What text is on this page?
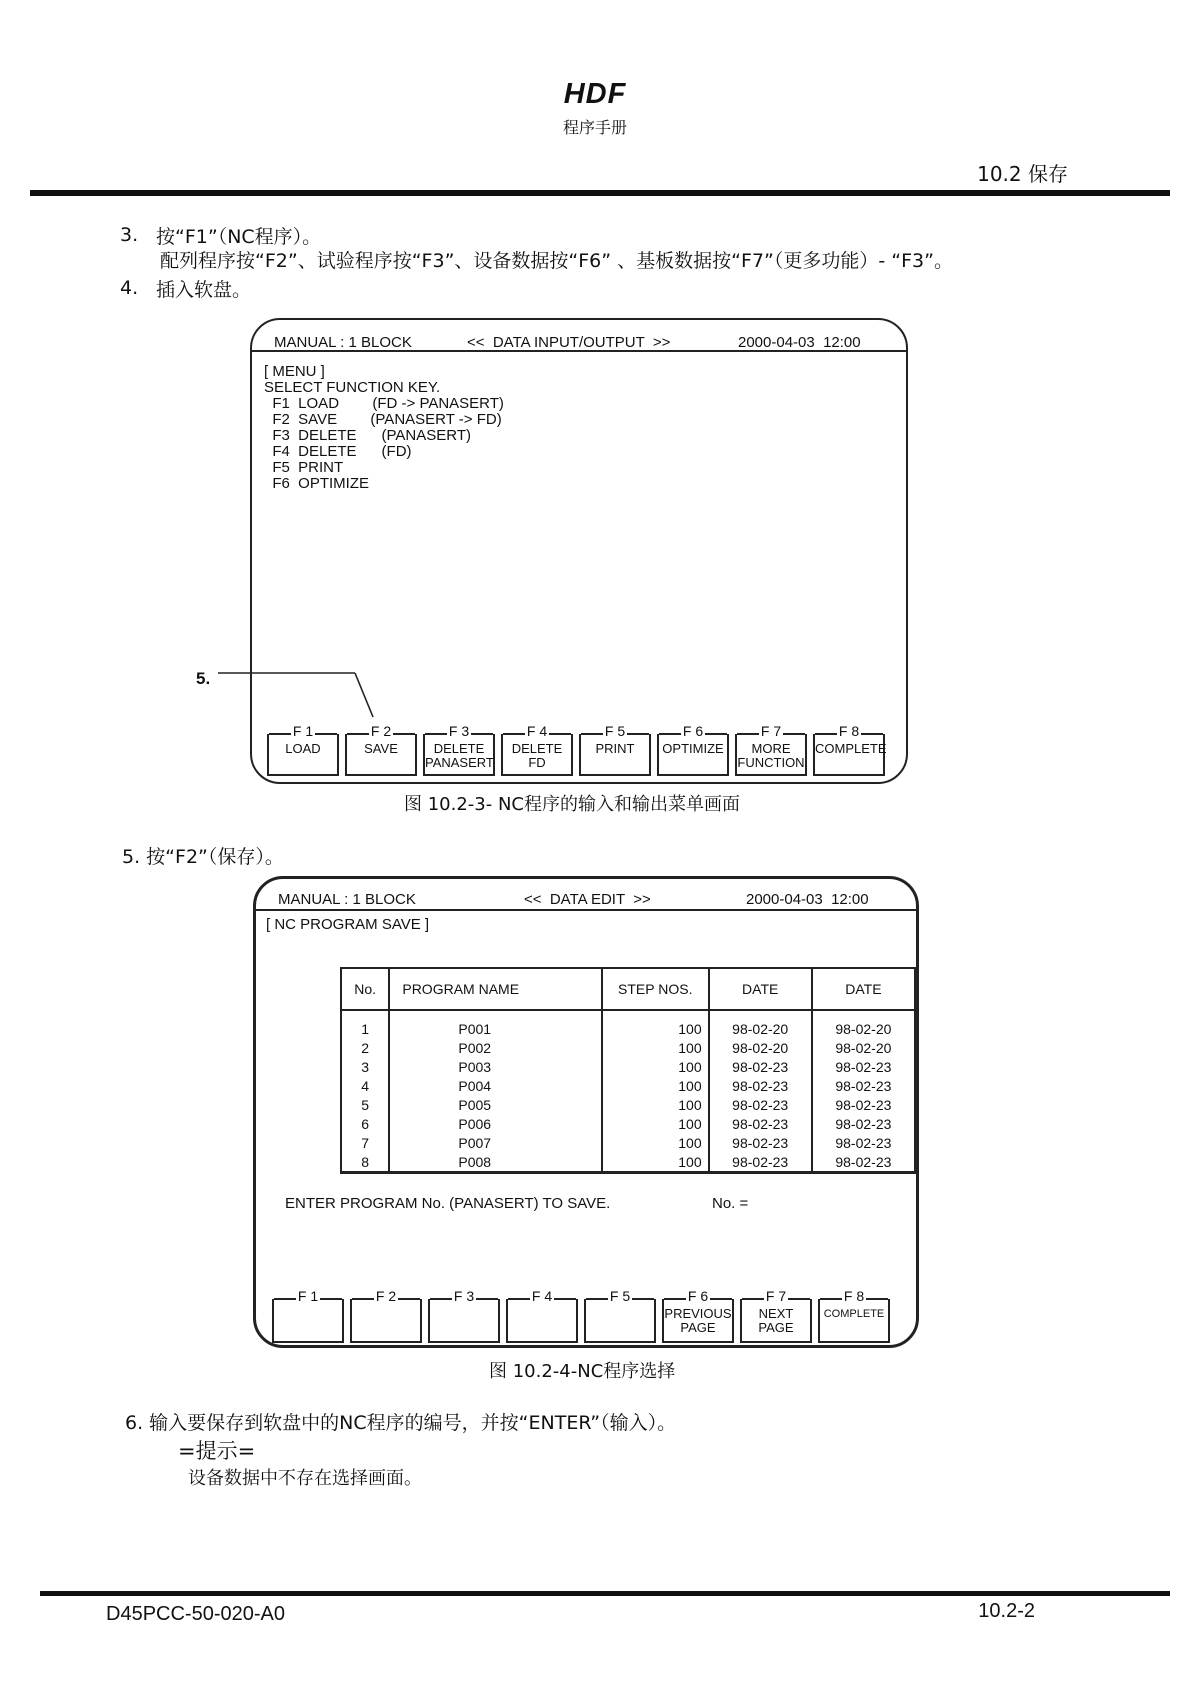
HDF
程序手册
10.2 保存
3. 按“F1”（NC程序）。
配列程序按“F2”、试验程序按“F3”、设备数据按“F6” 、基板数据按“F7”（更多功能）- “F3”。
4. 插入软盘。
MANUAL : 1 BLOCK	<<  DATA INPUT/OUTPUT  >>	2000-04-03  12:00
[ MENU ]
SELECT FUNCTION KEY.
F1  LOAD        (FD -> PANASERT)
F2  SAVE        (PANASERT -> FD)
F3  DELETE      (PANASERT)
F4  DELETE      (FD)
F5  PRINT
F6  OPTIMIZE
F 1
LOAD
F 2
SAVE
F 3
DELETE
PANASERT
F 4
DELETE
FD
F 5
PRINT
F 6
OPTIMIZE
F 7
MORE
FUNCTION
F 8
COMPLETE
5.
图 10.2-3- NC程序的输入和输出菜单画面
5. 按“F2”（保存）。
MANUAL : 1 BLOCK	<<  DATA EDIT  >>	2000-04-03  12:00
[ NC PROGRAM SAVE ]
No.	PROGRAM NAME	STEP NOS.	DATE	DATE
1	P001	100	98-02-20	98-02-20
2	P002	100	98-02-20	98-02-20
3	P003	100	98-02-23	98-02-23
4	P004	100	98-02-23	98-02-23
5	P005	100	98-02-23	98-02-23
6	P006	100	98-02-23	98-02-23
7	P007	100	98-02-23	98-02-23
8	P008	100	98-02-23	98-02-23
ENTER PROGRAM No. (PANASERT) TO SAVE.	No. =
F 1	F 2	F 3	F 4	F 5	F 6
PREVIOUS
PAGE
F 7
NEXT
PAGE
F 8
COMPLETE
图 10.2-4-NC程序选择
6. 输入要保存到软盘中的NC程序的编号，并按“ENTER”（输入）。
=提示=
设备数据中不存在选择画面。
D45PCC-50-020-A0	10.2-2
